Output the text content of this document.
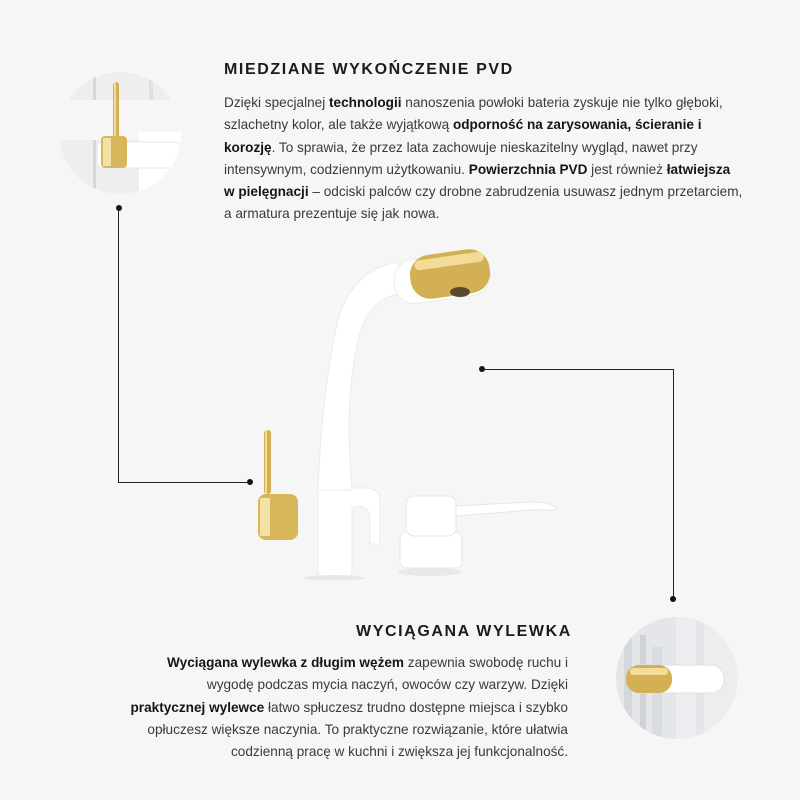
MIEDZIANE WYKOŃCZENIE PVD

Dzięki specjalnej technologii nanoszenia powłoki bateria zyskuje nie tylko głęboki, szlachetny kolor, ale także wyjątkową odporność na zarysowania, ścieranie i korozję. To sprawia, że przez lata zachowuje nieskazitelny wygląd, nawet przy intensywnym, codziennym użytkowaniu. Powierzchnia PVD jest również łatwiejsza w pielęgnacji – odciski palców czy drobne zabrudzenia usuwasz jednym przetarciem, a armatura prezentuje się jak nowa.

WYCIĄGANA WYLEWKA

Wyciągana wylewka z długim wężem zapewnia swobodę ruchu i wygodę podczas mycia naczyń, owoców czy warzyw. Dzięki praktycznej wylewce łatwo spłuczesz trudno dostępne miejsca i szybko opłuczesz większe naczynia. To praktyczne rozwiązanie, które ułatwia codzienną pracę w kuchni i zwiększa jej funkcjonalność.
